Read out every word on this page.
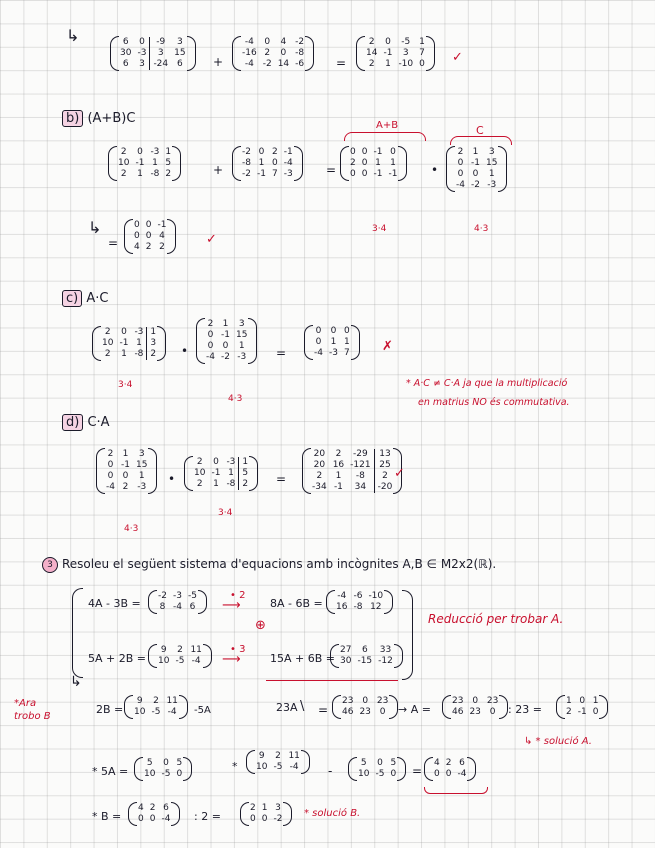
↳	6	0	-9	3
30	-3	3	15
6	3	-24	6	+
-4	0	4	-2
-16	2	0	-8
-4	-2	14	-6	=
2	0	-5	1
14	-1	3	7
2	1	-10	0 ✓
b) (A+B)C
2	0	-3	1
10	-1	1	5
2	1	-8	2	+
-2	0	2	-1
-8	1	0	-4
-2	-1	7	-3	=
A+B
0	0	-1	0
2	0	1	1
0	0	-1	-1	•
C
2	1	3
0	-1	15
0	0	1
-4	-2	-3
3·4	4·3
↳
=
0	0	-1
0	0	4
4	2	2	✓
c) A·C
2	0	-3	1
10	-1	1	3
2	1	-8	2 •
2	1	3
0	-1	15
0	0	1
-4	-2	-3 =
0	0	0
0	1	1
-4	-3	7 ✗
3·4
4·3
* A·C ≠ C·A ja que la multiplicació
en matrius NO és commutativa.
d) C·A
2	1	3
0	-1	15
0	0	1
-4	2	-3
•
2	0	-3	1
10	-1	1	5
2	1	-8	2 =
20	2	-29	13
20	16	-121	25
2	1	-8	2
-34	-1	34	-20
✓
4·3
3·4
3 Resoleu el següent sistema d'equacions amb incògnites A,B ∈ M2x2(ℝ).
4A - 3B =
-2	-3	-5
8	-4	6
• 2
⟶	8A - 6B =
-4	-6	-10
16	-8	12
⊕
5A + 2B =
9	2	11
10	-5	-4
• 3
⟶	15A + 6B =
27	6	33
30	-15	-12
Reducció per trobar A.
*Ara
trobo B
↳
2B =
9	2	11
10	-5	-4 -5A	23A \ =
23	0	23
46	23	0 → A =
23	0	23
46	23	0 : 23 =
1	0	1
2	-1	0
↳ * solució A.
* 5A =
5	0	5
10	-5	0
*
9	2	11
10	-5	-4 -
5	0	5
10	-5	0 =
4	2	6
0	0	-4
* B =
4	2	6
0	0	-4 : 2 =
2	1	3
0	0	-2 * solució B.
